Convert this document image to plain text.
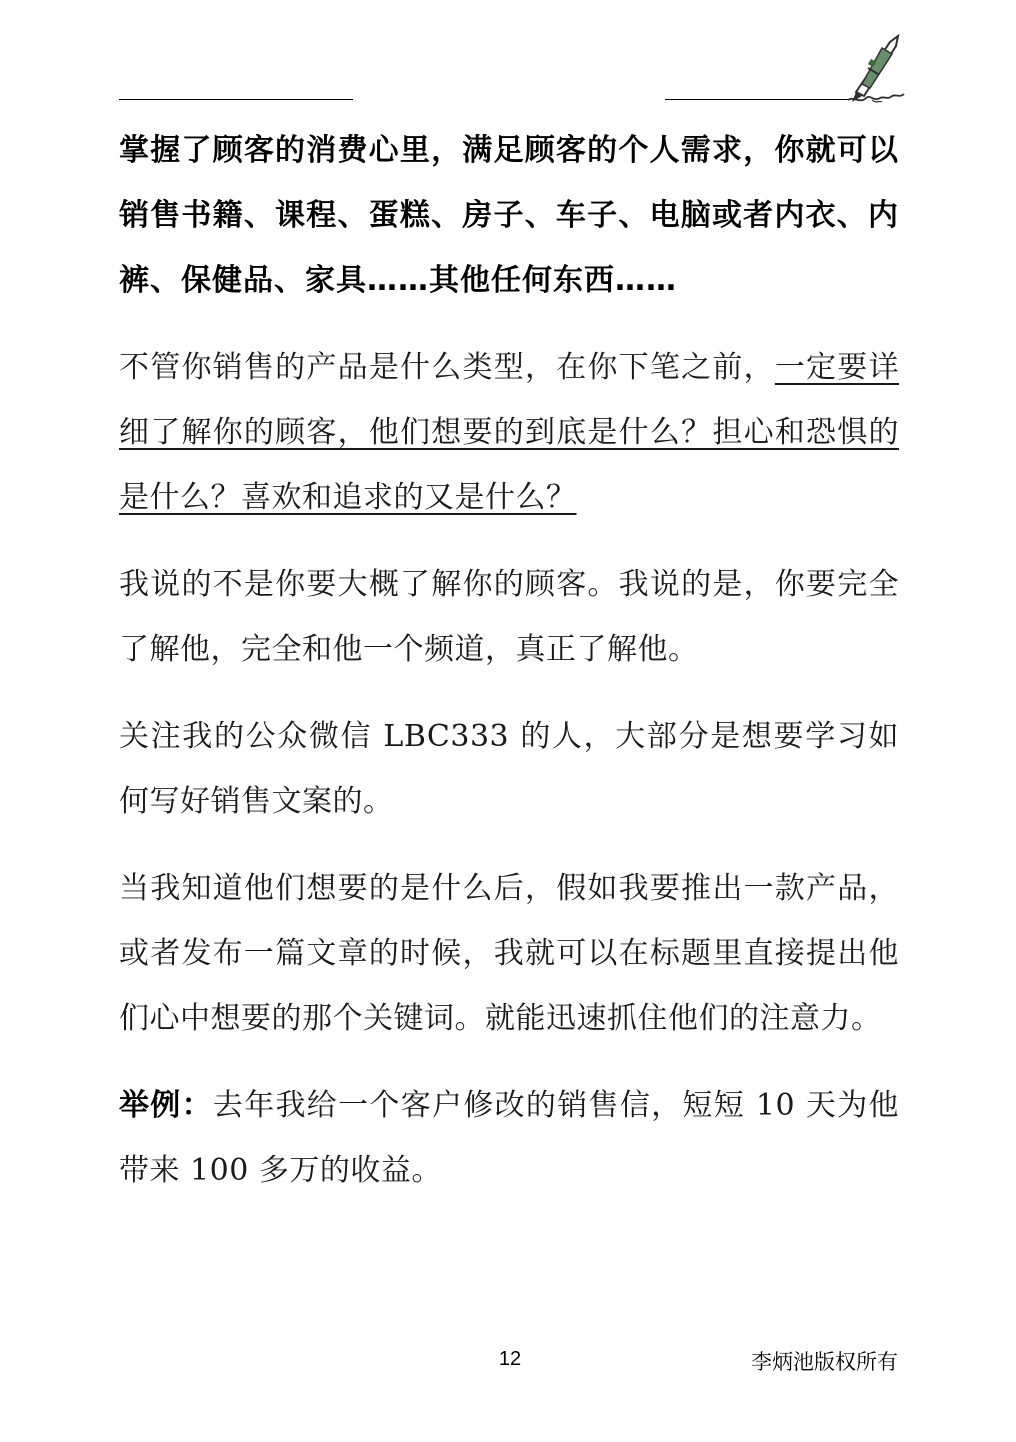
掌握了顾客的消费心里，满足顾客的个人需求，你就可以销售书籍、课程、蛋糕、房子、车子、电脑或者内衣、内裤、保健品、家具……其他任何东西……

不管你销售的产品是什么类型，在你下笔之前，一定要详细了解你的顾客，他们想要的到底是什么？担心和恐惧的是什么？喜欢和追求的又是什么？

我说的不是你要大概了解你的顾客。我说的是，你要完全了解他，完全和他一个频道，真正了解他。

关注我的公众微信 LBC333 的人，大部分是想要学习如何写好销售文案的。

当我知道他们想要的是什么后，假如我要推出一款产品，或者发布一篇文章的时候，我就可以在标题里直接提出他们心中想要的那个关键词。就能迅速抓住他们的注意力。

举例：去年我给一个客户修改的销售信，短短 10 天为他带来 100 多万的收益。

12	李炳池版权所有
